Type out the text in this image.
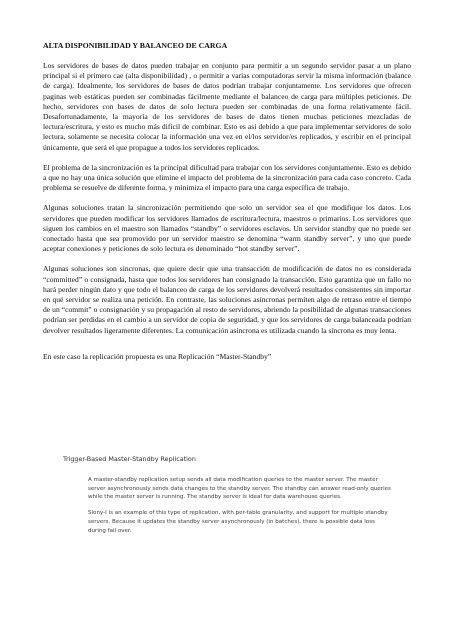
ALTA DISPONIBILIDAD Y BALANCEO DE CARGA

Los servidores de bases de datos pueden trabajar en conjunto para permitir a un segundo servidor pasar a un plano principal si el primero cae (alta disponibilidad) , o permitir a varias computadoras servir la misma información (balance de carga). Idealmente, los servidores de bases de datos podrían trabajar conjuntamente. Los servidores que ofrecen paginas web estáticas pueden ser combinadas fácilmente mediante el balanceo de carga para múltiples peticiones. De hecho, servidores con bases de datos de solo lectura pueden ser combinadas de una forma relativamente fácil. Desafortunadamente, la mayoría de los servidores de bases de datos tienen muchas peticiones mezcladas de lectura/escritura, y esto es mucho más difícil de combinar. Esto es así debido a que para implementar servidores de solo lectura, solamente se necesita colocar la información una vez en el/los servidor/es replicados, y escribir en el principal únicamente, que será el que propague a todos los servidores replicados.

El problema de la sincronización es la principal dificultad para trabajar con los servidores conjuntamente. Esto es debido a que no hay una única solución que elimine el impacto del problema de la sincronización para cada caso concreto. Cada problema se resuelve de diferente forma, y minimiza el impacto para una carga específica de trabajo.

Algunas soluciones tratan la sincronización permitiendo que solo un servidor sea el que modifique los datos. Los servidores que pueden modificar los servidores llamados de escritura/lectura, maestros o primarios. Los servidores que siguen los cambios en el maestro son llamados “standby” o servidores esclavos. Un servidor standby que no puede ser conectado hasta que sea promovido por un servidor maestro se denomina “warm standby server”, y uno que puede aceptar conexiones y peticiones de solo lectura es denominado “hot standby server”.

Algunas soluciones son síncronas, que quiere decir que una transacción de modificación de datos no es considerada “committed” o consignada, hasta que todos los servidores han consignado la transacción. Esto garantiza que un fallo no hará perder ningún dato y que todo el balanceo de carga de los servidores devolverá resultados consistentes sin importar en qué servidor se realiza una petición. En contraste, las soluciones asíncronas permiten algo de retraso entre el tiempo de un “commit” o consignación y su propagación al resto de servidores, abriendo la posibilidad de algunas transacciones podrían ser perdidas en el cambio a un servidor de copia de seguridad, y que los servidores de carga balanceada podrían devolver resultados ligeramente diferentes. La comunicación asíncrona es utilizada cuando la síncrona es muy lenta.

En este caso la replicación propuesta es una Replicación “Master-Standby”

Trigger-Based Master-Standby Replication

A master-standby replication setup sends all data modification queries to the master server. The master server asynchronously sends data changes to the standby server. The standby can answer read-only queries while the master server is running. The standby server is ideal for data warehouse queries.

Slony-I is an example of this type of replication, with per-table granularity, and support for multiple standby servers. Because it updates the standby server asynchronously (in batches), there is possible data loss during fail over.
